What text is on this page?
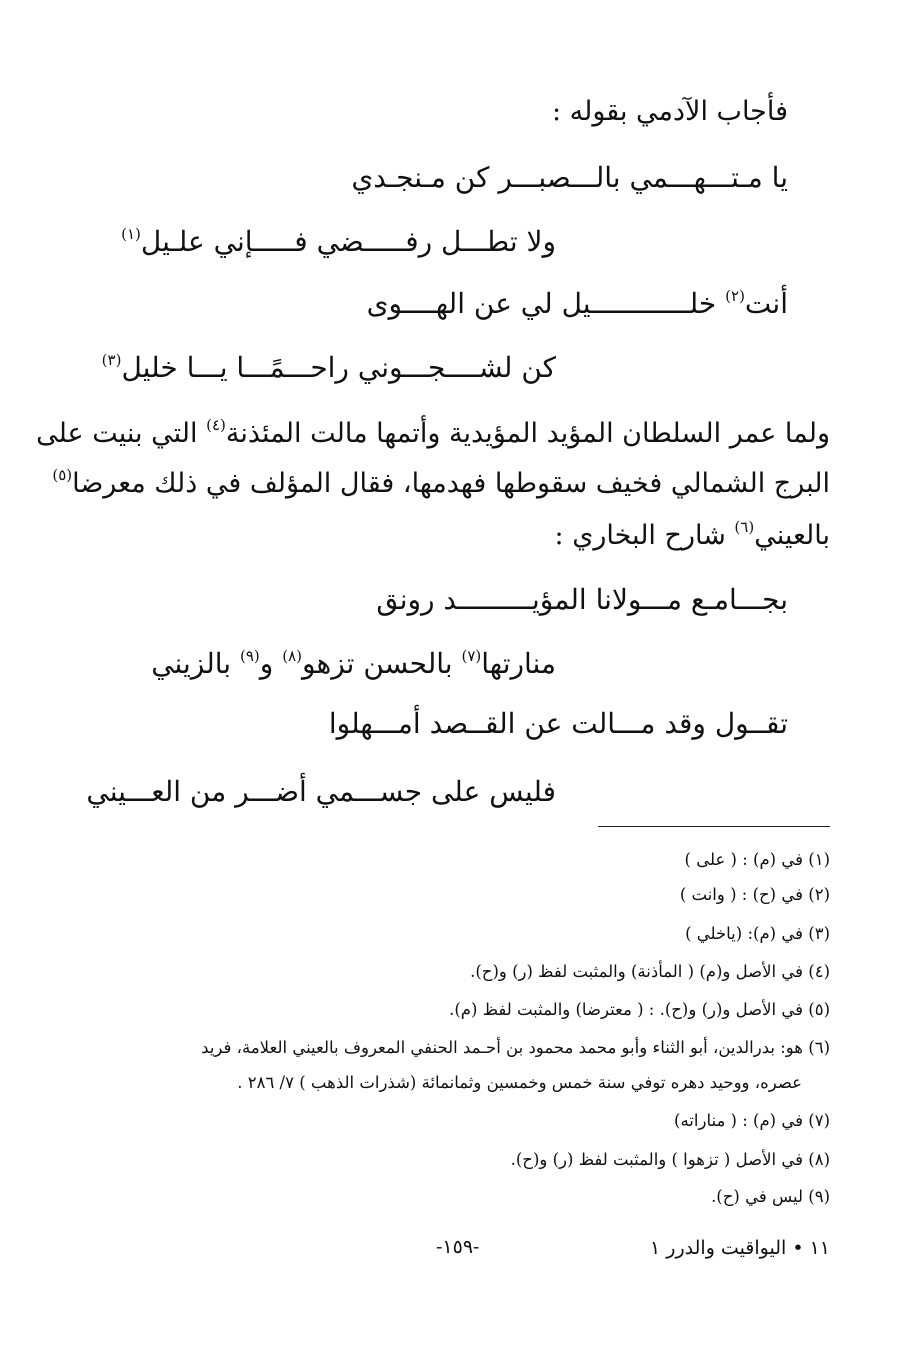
فأجاب الآدمي بقوله :
يا مـتـــهـــمي بالـــصبـــر كن مـنجـدي
ولا تطـــل رفـــــضي فـــــإني علـيل$^{(١)}$
أنت$^{(٢)}$ خلــــــــــــيل لي عن الهــــوى
كن لشــــجـــوني راحـــمًـــا يـــا خليل$^{(٣)}$
ولما عمر السلطان المؤيد المؤيدية وأتمها مالت المئذنة$^{(٤)}$ التي بنيت على
البرج الشمالي فخيف سقوطها فهدمها، فقال المؤلف في ذلك معرضا$^{(٥)}$
بالعيني$^{(٦)}$ شارح البخاري :
بجـــامـع مـــولانا المؤيـــــــــد رونق
منارتها$^{(٧)}$ بالحسن تزهو$^{(٨)}$ و$^{(٩)}$ بالزيني
تقــول وقد مـــالت عن القــصد أمـــهلوا
فليس على جســـمي أضـــر من العـــيني
(١) في (م) : ( على )
(٢) في (ح) : ( وانت )
(٣) في (م): (ياخلي )
(٤) في الأصل و(م) ( المأذنة) والمثبت لفظ (ر) و(ح).
(٥) في الأصل و(ر) و(ح). : ( معترضا) والمثبت لفظ (م).
(٦) هو: بدرالدين، أبو الثناء وأبو محمد محمود بن أحـمد الحنفي المعروف بالعيني العلامة، فريد
عصره، ووحيد دهره توفي سنة خمس وخمسين وثمانمائة (شذرات الذهب ) ٧/ ٢٨٦ .
(٧) في (م) : ( مناراته)
(٨) في الأصل ( تزهوا ) والمثبت لفظ (ر) و(ح).
(٩) ليس في (ح).
١١ • اليواقيت والدرر ١
-١٥٩-
